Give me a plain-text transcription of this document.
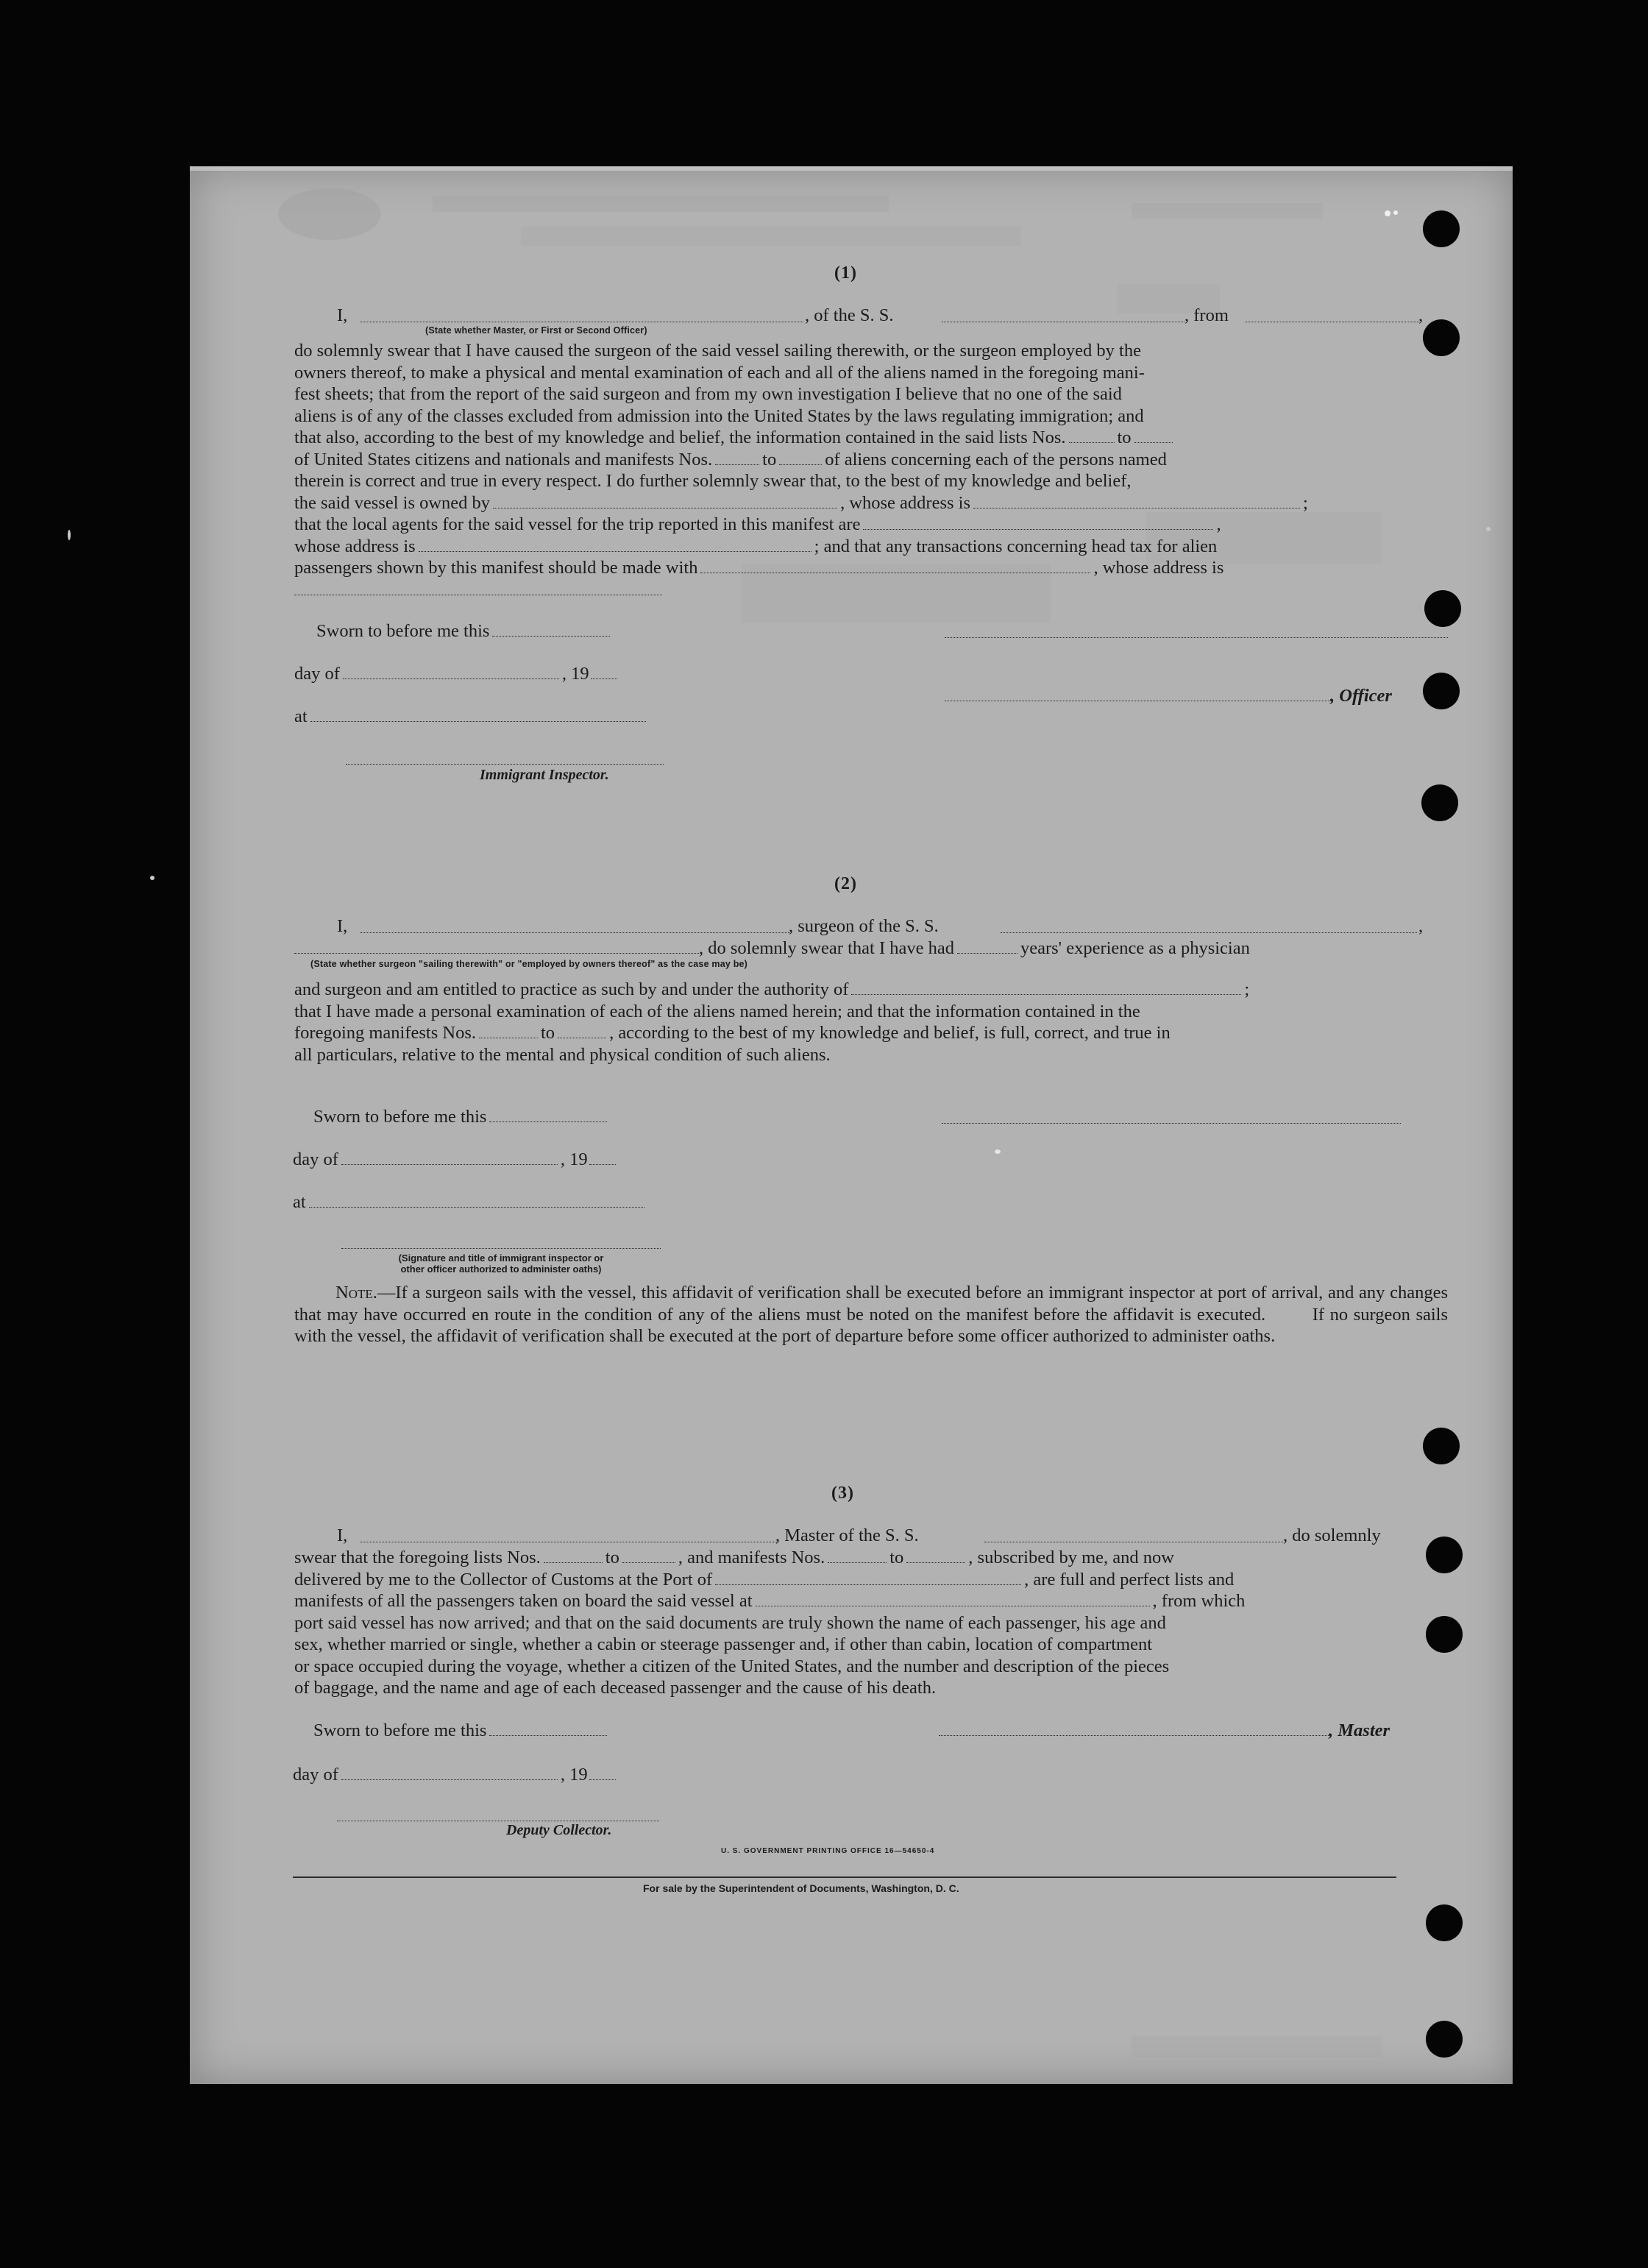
(1)
I,	, of the S. S.	, from	,

(State whether Master, or First or Second Officer)
do solemnly swear that I have caused the surgeon of the said vessel sailing therewith, or the surgeon employed by the
owners thereof, to make a physical and mental examination of each and all of the aliens named in the foregoing mani-
fest sheets; that from the report of the said surgeon and from my own investigation I believe that no one of the said
aliens is of any of the classes excluded from admission into the United States by the laws regulating immigration; and
that also, according to the best of my knowledge and belief, the information contained in the said lists Nos.	to
of United States citizens and nationals and manifests Nos.	to	of aliens concerning each of the persons named
therein is correct and true in every respect. I do further solemnly swear that, to the best of my knowledge and belief,
the said vessel is owned by	, whose address is	;
that the local agents for the said vessel for the trip reported in this manifest are	,
whose address is	; and that any transactions concerning head tax for alien
passengers shown by this manifest should be made with	, whose address is
Sworn to before me this
day of	, 19
, Officer
at
Immigrant Inspector.
(2)
I,	, surgeon of the S. S.	,

, do solemnly swear that I have had	years' experience as a physician
(State whether surgeon "sailing therewith" or "employed by owners thereof" as the case may be)
and surgeon and am entitled to practice as such by and under the authority of	;
that I have made a personal examination of each of the aliens named herein; and that the information contained in the
foregoing manifests Nos.	to	, according to the best of my knowledge and belief, is full, correct, and true in
all particulars, relative to the mental and physical condition of such aliens.
Sworn to before me this
day of	, 19
at
(Signature and title of immigrant inspector or
other officer authorized to administer oaths)
Note.—If a surgeon sails with the vessel, this affidavit of verification shall be executed before an immigrant inspector at port of arrival, and any changes that may have occurred en route in the condition of any of the aliens must be noted on the manifest before the affidavit is executed.	If no surgeon sails with the vessel, the affidavit of verification shall be executed at the port of departure before some officer authorized to administer oaths.
(3)
I,	, Master of the S. S.	, do solemnly

swear that the foregoing lists Nos.	to	, and manifests Nos.	to	, subscribed by me, and now
delivered by me to the Collector of Customs at the Port of	, are full and perfect lists and
manifests of all the passengers taken on board the said vessel at	, from which
port said vessel has now arrived; and that on the said documents are truly shown the name of each passenger, his age and
sex, whether married or single, whether a cabin or steerage passenger and, if other than cabin, location of compartment
or space occupied during the voyage, whether a citizen of the United States, and the number and description of the pieces
of baggage, and the name and age of each deceased passenger and the cause of his death.
Sworn to before me this	, Master
day of	, 19
Deputy Collector.
U. S. GOVERNMENT PRINTING OFFICE 16—54650-4
For sale by the Superintendent of Documents, Washington, D. C.
